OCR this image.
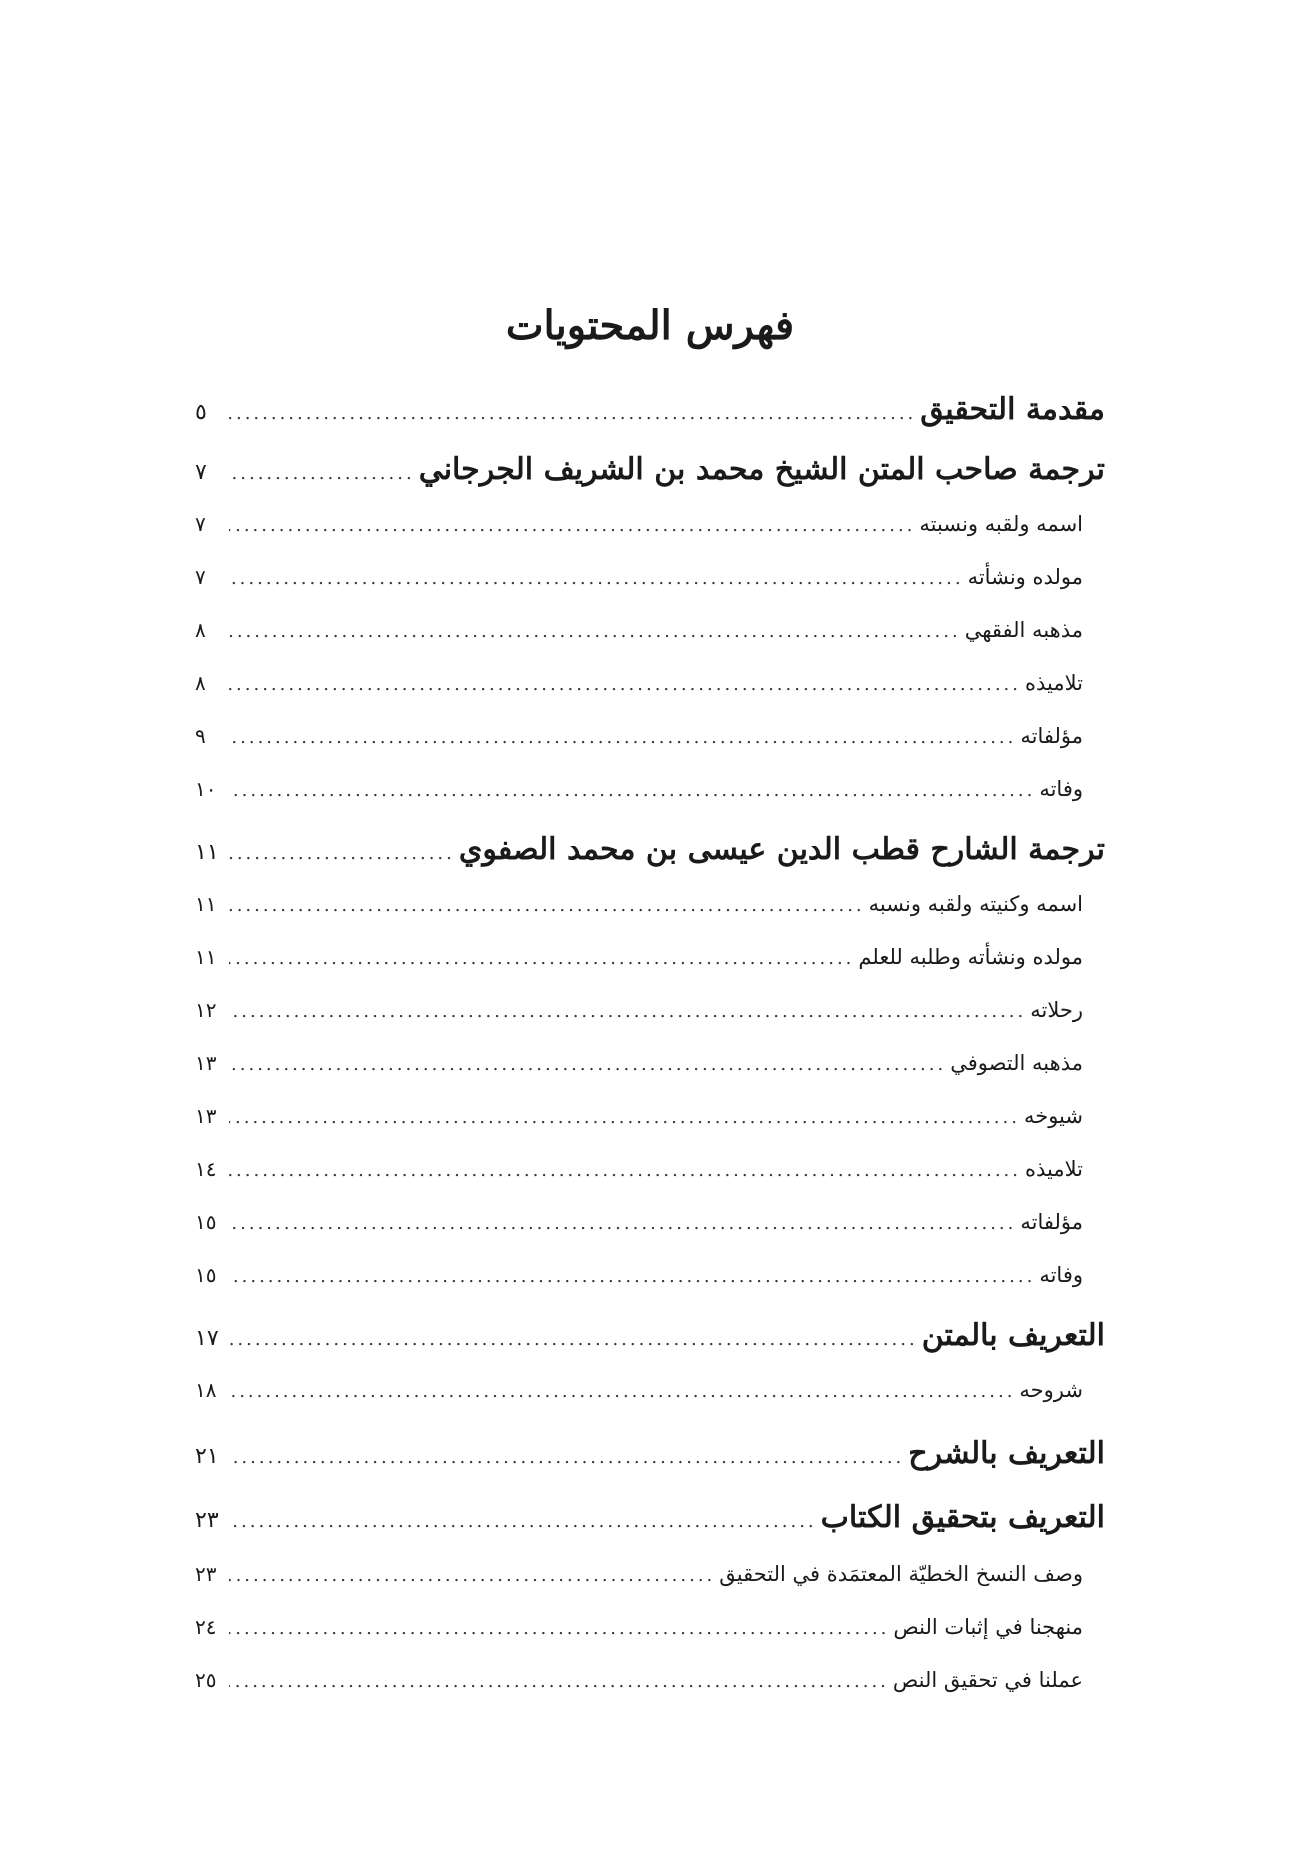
فهرس المحتويات
مقدمة التحقيق
.....
٥
ترجمة صاحب المتن الشيخ محمد بن الشريف الجرجاني
.....
٧
اسمه ولقبه ونسبته
.....
٧
مولده ونشأته
.....
٧
مذهبه الفقهي
.....
٨
تلاميذه
.....
٨
مؤلفاته
.....
٩
وفاته
.....
١٠
ترجمة الشارح قطب الدين عيسى بن محمد الصفوي
.....
١١
اسمه وكنيته ولقبه ونسبه
.....
١١
مولده ونشأته وطلبه للعلم
.....
١١
رحلاته
.....
١٢
مذهبه التصوفي
.....
١٣
شيوخه
.....
١٣
تلاميذه
.....
١٤
مؤلفاته
.....
١٥
وفاته
.....
١٥
التعريف بالمتن
.....
١٧
شروحه
.....
١٨
التعريف بالشرح
.....
٢١
التعريف بتحقيق الكتاب
.....
٢٣
وصف النسخ الخطيّة المعتمَدة في التحقيق
.....
٢٣
منهجنا في إثبات النص
.....
٢٤
عملنا في تحقيق النص
.....
٢٥
